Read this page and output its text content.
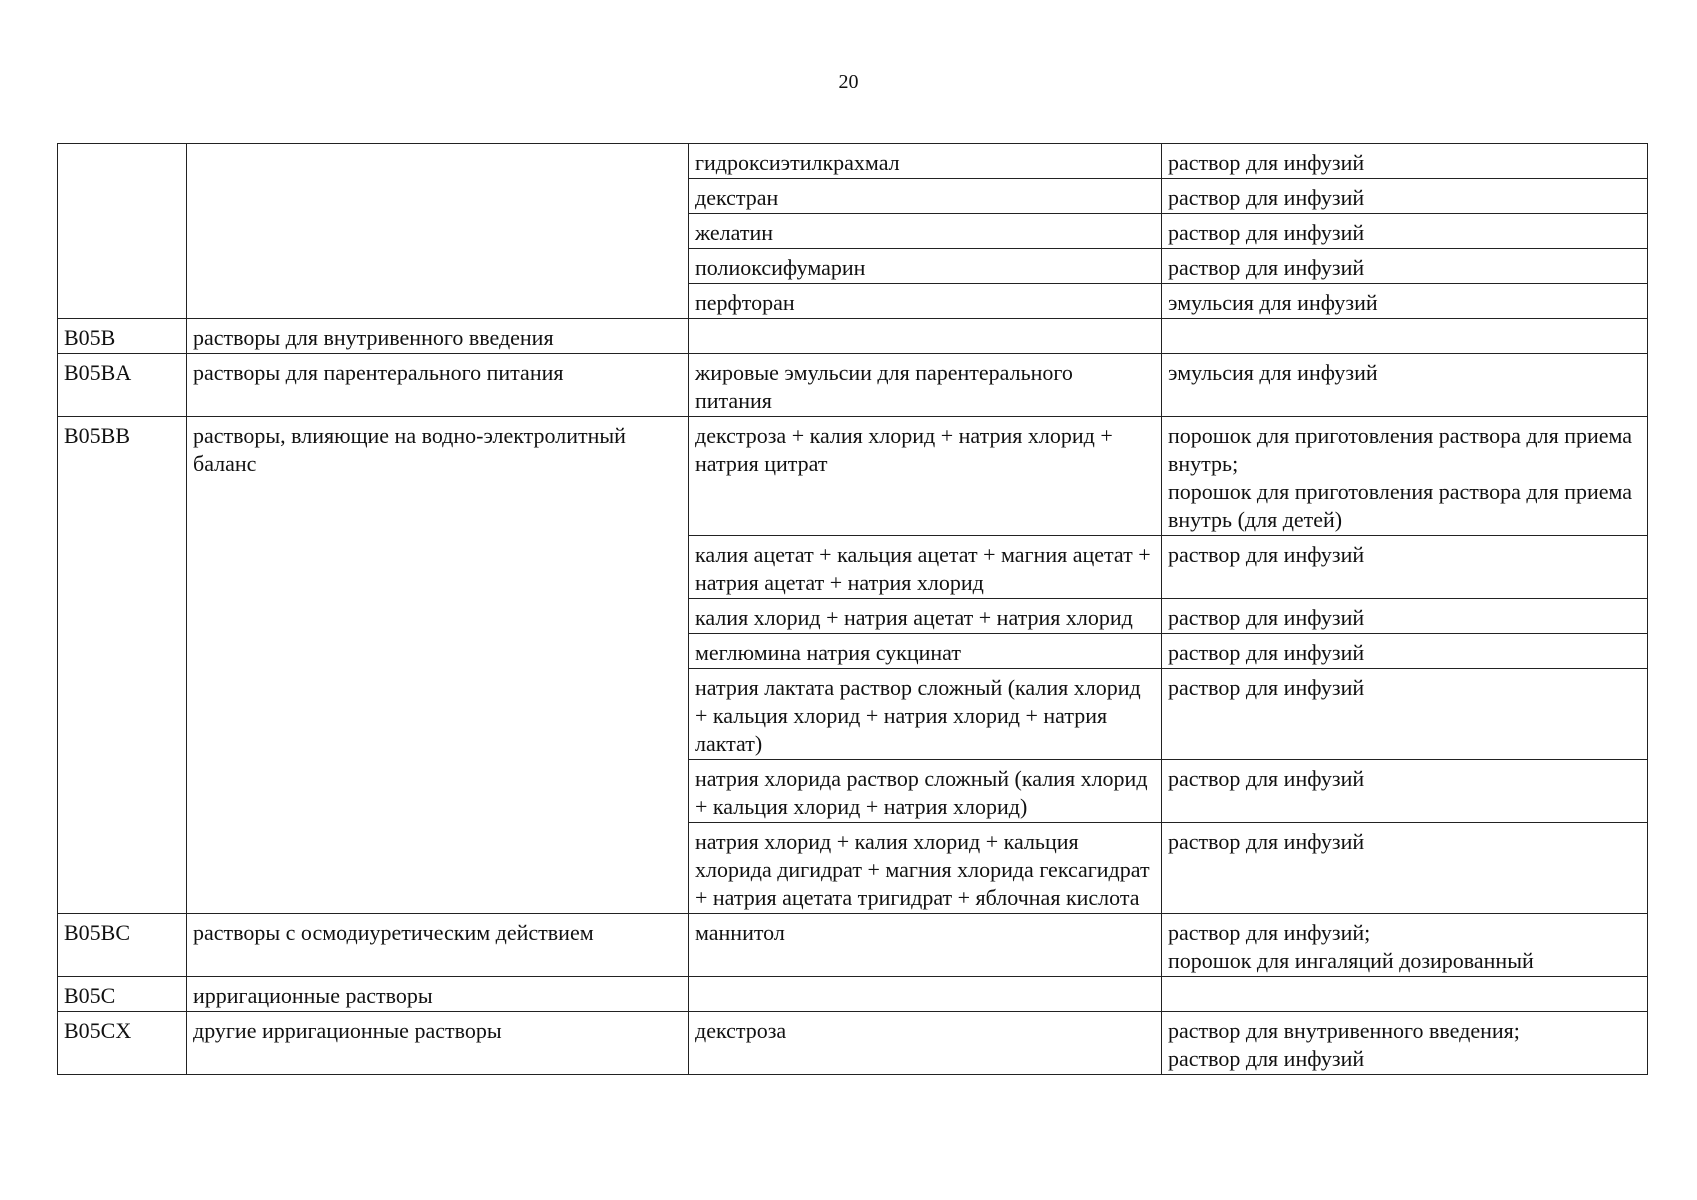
20
		гидроксиэтилкрахмал	раствор для инфузий
		декстран	раствор для инфузий
		желатин	раствор для инфузий
		полиоксифумарин	раствор для инфузий
		перфторан	эмульсия для инфузий
B05B	растворы для внутривенного введения		
B05BA	растворы для парентерального питания	жировые эмульсии для парентерального питания	эмульсия для инфузий
B05BB	растворы, влияющие на водно-электролитный баланс	декстроза + калия хлорид + натрия хлорид + натрия цитрат	порошок для приготовления раствора для приема внутрь;
порошок для приготовления раствора для приема внутрь (для детей)
		калия ацетат + кальция ацетат + магния ацетат + натрия ацетат + натрия хлорид	раствор для инфузий
		калия хлорид + натрия ацетат + натрия хлорид	раствор для инфузий
		меглюмина натрия сукцинат	раствор для инфузий
		натрия лактата раствор сложный (калия хлорид + кальция хлорид + натрия хлорид + натрия лактат)	раствор для инфузий
		натрия хлорида раствор сложный (калия хлорид + кальция хлорид + натрия хлорид)	раствор для инфузий
		натрия хлорид + калия хлорид + кальция хлорида дигидрат + магния хлорида гексагидрат + натрия ацетата тригидрат + яблочная кислота	раствор для инфузий
B05BC	растворы с осмодиуретическим действием	маннитол	раствор для инфузий;
порошок для ингаляций дозированный
B05C	ирригационные растворы		
B05CX	другие ирригационные растворы	декстроза	раствор для внутривенного введения;
раствор для инфузий
